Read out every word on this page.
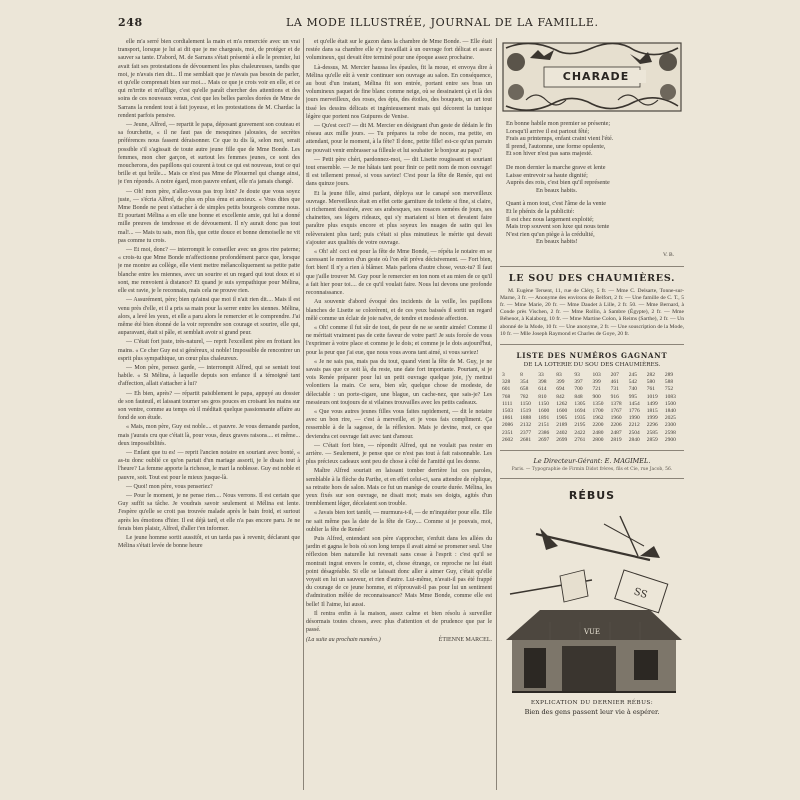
248	LA MODE ILLUSTRÉE, JOURNAL DE LA FAMILLE.

elle m'a serré bien cordialement la main et m'a remerciée avec un vrai transport, lorsque je lui ai dit que je me chargeais, moi, de protéger et de sauver sa tante. D'abord, M. de Sarrans s'était présenté à elle le premier, lui avait fait ses protestations de dévouement les plus chaleureuses, tandis que moi, je n'avais rien dit... Il me semblait que je n'avais pas besoin de parler, et qu'elle comprenait bien sur moi.... Mais ce que je crois voir en elle, et ce qui m'irrite et m'afflige, c'est qu'elle paraît chercher des attentions et des soins de ces nouveaux venus, c'est que les belles paroles dorées de Mme de Sarrans la rendent tout à fait joyeuse, et les protestations de M. Chardac la rendent parfois pensive.

— Jeune, Alfred, — repartit le papa, déposant gravement son couteau et sa fourchette, « il ne faut pas de mesquines jalousies, de secrètes préférences nous fassent déraisonner. Ce que tu dis là, selon moi, serait possible s'il s'agissait de toute autre jeune fille que de Mme Bonde. Les femmes, mon cher garçon, et surtout les femmes jeunes, ce sont des moucherons, des papillons qui courent à tout ce qui est nouveau, tout ce qui brille et qui brûle.... Mais ce n'est pas Mme de Plouernel qui change ainsi, je t'en réponds. A notre égard, mon pauvre enfant, elle n'a jamais changé.

— Oh! mon père, n'allez-vous pas trop loin? Je doute que vous soyez juste, — s'écria Alfred, de plus en plus ému et anxieux. « Vous dites que Mme Bonde ne peut s'attacher à de simples petits bourgeois comme nous. Et pourtant Mélina a en elle une bonne et excellente amie, qui lui a donné mille preuves de tendresse et de dévouement. Il n'y aurait donc pas tout mal!... — Mais tu sais, mon fils, que cette douce et bonne demoiselle ne vit pas comme tu crois.

— Et moi, donc? — interrompit le conseiller avec un gros rire paterne; « crois-tu que Mme Bonde m'affectionne profondément parce que, lorsque je me montre au collège, elle vient mettre mélancoliquement sa petite patte blanche entre les miennes, avec un sourire et un regard qui tout doux et si sont, me renvoient à distance? Et quand je suis sympathique pour Mélina, elle est ravie, je le reconnais, mais cela ne prouve rien.

— Assurément, père; bien qu'ainsi que moi il n'ait rien dit.... Mais il est venu près d'elle, et il a pris sa main pour la serrer entre les siennes. Mélina, alors, a levé les yeux, et elle a paru alors le remercier et le comprendre. J'ai même été bien étonné de la voir reprendre son courage et sourire, elle qui, auparavant, était si pâle, et semblait avoir si grand peur.

— C'était fort juste, très-naturel, — reprit l'excellent père en frottant les mains. « Ce cher Guy est si généreux, si noble! Impossible de rencontrer un esprit plus sympathique, un cœur plus chaleureux.

— Mon père, pensez garde, — interrompit Alfred, qui se sentait tout habile. « Si Mélina, à laquelle depuis son enfance il a témoigné tant d'affection, allait s'attacher à lui?

— Eh bien, après? — répartit paisiblement le papa, appuyé au dossier de son fauteuil, et laissant tourner ses gros pouces en croisant les mains sur son ventre, comme au temps où il méditait quelque passionnante affaire au fond de son étude.

« Mais, mon père, Guy est noble.... et pauvre. Je vous demande pardon, mais j'aurais cru que c'était là, pour vous, deux graves raisons.... et même... deux impossibilités.

— Enfant que tu es! — reprit l'ancien notaire en souriant avec bonté, « as-tu donc oublié ce qu'on partait d'un mariage assorti, je le disais tout à l'heure? La femme apporte la richesse, le mari la noblesse. Guy est noble et pauvre, soit. Tout est pour le mieux jusque-là.

— Quoi! mon père, vous penseriez?

— Pour le moment, je ne pense rien.... Nous verrons. Il est certain que Guy suffit sa tâche. Je voudrais savoir seulement si Mélina est lente. J'espère qu'elle se croit pas trouvée malade après le bain froid, et surtout après les émotions d'hier. Il est déjà tard, et elle n'a pas encore paru. Je ne ferais bien plaisir, Alfred, d'aller t'en informer.

Le jeune homme sortit aussitôt, et un tarda pas à revenir, déclarant que Mélina s'était levée de bonne heure

et qu'elle était sur le gazon dans la chambre de Mme Bonde. — Elle était restée dans sa chambre elle s'y travaillait à un ouvrage fort délicat et assez volumineux, qui devait être terminé pour une époque assez prochaine.

Là-dessus, M. Mercier haussa les épaules, fit la moue, et envoya dire à Mélina qu'elle eût à venir continuer son ouvrage au salon. En conséquence, au bout d'un instant, Mélina fit son entrée, portant entre ses bras un volumineux paquet de fine blanc comme neige, où se dessinaient çà et là des jours merveilleux, des roses, des épis, des étoiles, des bouquets, un art tout tissé les dessins délicats et ingénieusement mais qui décorent la tunique légère que portent nos Guipures de Venise.

— Qu'est ceci? — dit M. Mercier en désignant d'un geste de dédain le fin réseau aux mille jours. — Tu prépares ta robe de noces, ma petite, en attendant, pour le moment, à la fête? Il donc, petite fille! est-ce qu'un parrain ne pouvait venir embrasser sa filleule et lui souhaiter le bonjour au papa?

— Petit père chéri, pardonnez-moi, — dit Lisette rougissant et souriant tout ensemble. — Je me hâtais tant pour finir ce petit nom de mon ouvrage! Il est tellement pressé, si vous saviez! C'est pour la fête de Renée, qui est dans quinze jours.

Et la jeune fille, ainsi parlant, déploya sur le canapé son merveilleux ouvrage. Merveilleux était en effet cette garniture de toilette si fine, si claire, si richement dessinée, avec ses arabesques, ses rosaces semées de jours, ses chainettes, ses légers rideaux, qui s'y mariaient si bien et devaient faire paraître plus exquis encore et plus soyeux les nuages de satin qui les relèveraient plus tard; puis c'était si plus minutieux le mérite qui devait s'ajouter aux qualités de votre ouvrage.

« Oh! ah! ceci est pour la fête de Mme Bonde, — répéta le notaire en se caressant le menton d'un geste où l'on eût prévu décisivement. — Fort bien, fort bien! Il n'y a rien à blâmer. Mais parlons d'autre chose, veux-tu? Il faut que j'aille trouver M. Guy pour le remercier en ton nom et au mien de ce qu'il a fait hier pour toi.... de ce qu'il voulait faire. Nous lui devons une profonde reconnaissance.

Au souvenir d'abord évoqué des incidents de la veille, les papillons blanches de Lisette se colorèrent, et de ces yeux baissés il sortit un regard mêlé comme un éclair de joie naïve, de tendre et modeste affection.

« Oh! comme il fut sûr de tout, de peur de ne se sentir aimée! Comme il ne méritait vraiment pas de cette faveur de votre part! Je suis forcée de vous l'exprimer à votre place et comme je le dois; et comme je le dois aujourd'hui, pour la peur que j'ai eue, que nous vous avons tant aimé, si vous saviez!

« Je ne sais pas, mais pas du tout, quand vient la fête de M. Guy, je ne savais pas que ce soit là, du reste, une date fort importante. Pourtant, si je vois Renée préparer pour lui un petit ouvrage quelque joie, j'y mettrai volontiers la main. Ce sera, bien sûr, quelque chose de modeste, de délectable : un porte-cigare, une blague, un cache-nez, que sais-je? Les messieurs ont toujours de si vilaines trouvailles avec les petits cadeaux.

« Que vous autres jeunes filles vous faites rapidement, — dit le notaire avec un bon rire, — c'est à merveille, et je vous fais compliment. Ça ressemble à de la sagesse, de la réflexion. Mais je devine, moi, ce que deviendra cet ouvrage fait avec tant d'amour.

— C'était fort bien, — répondit Alfred, qui ne voulait pas rester en arrière. — Seulement, je pense que ce n'est pas tout à fait raisonnable. Les plus précieux cadeaux sont peu de chose à côté de l'amitié qui les donne.

Maître Alfred souriait en laissant tomber derrière lui ces paroles, semblable à la flèche du Parthe, et en effet celui-ci, sans attendre de réplique, sa retraite hors de salon. Mais ce fut un manège de courte durée. Mélina, les yeux fixés sur son ouvrage, ne disait mot; mais ses doigts, agités d'un tremblement léger, décelaient son trouble.

« Javais bien tort tantôt, — murmura-t-il, — de m'inquiéter pour elle. Elle ne sait même pas la date de la fête de Guy.... Comme si je pouvais, moi, oublier la fête de Renée!

Puis Alfred, entendant son père s'approcher, s'enfuit dans les allées du jardin et gagna le bois où son long temps il avait aimé se promener seul. Une réflexion bien naturelle lui revenait sans cesse à l'esprit : c'est qu'il se montrait ingrat envers le comte, et, chose étrange, ce reproche ne lui était point désagréable. Si elle se laissait donc aller à aimer Guy, c'était qu'elle voyait en lui un sauveur, et rien d'autre. Lui-même, n'avait-il pas été frappé du courage de ce jeune homme, et n'éprouvait-il pas pour lui un sentiment d'admiration mêlée de reconnaissance? Mais Mme Bonde, comme elle est belle! Il l'aime, lui aussi.

Il rentra enfin à la maison, assez calme et bien résolu à surveiller désormais toutes choses, avec plus d'attention et de prudence que par le passé.

(La suite au prochain numéro.)	ÉTIENNE MARCEL.
CHARADE
En bonne habile mon premier se présente;
Lorsqu'il arrive il est partout fêté;
Frais au printemps, enfant craint vient l'été.
Il prend, l'automne, une forme opulente,
Et son hiver n'est pas sans majesté.
De mon dernier la marche grave et lente
Laisse entrevoir sa haute dignité;
Auprès des rois, c'est bien qu'il représente
En beaux habits.
Quant à mon tout, c'est l'âme de la vente
Et le phénix de la publicité:
Il est chez nous largement exploité;
Mais trop souvent son luxe qui nous tente
N'est rien qu'un piège à la crédulité,
En beaux habits!
V. B.
LE SOU DES CHAUMIÈRES.

M. Eugène Tersent, 11, rue de Cléry, 5 fr. — Mme C. Delsarte, Tonne-sur-Marne, 3 fr. — Anonyme des environs de Belfort, 2 fr. — Une famille de C. T., 5 fr. — Mme Marie, 20 fr. — Mme Daudet à Lille, 2 fr. 50. — Mme Bernard, à Conde près Vischen, 2 fr. — Mme Rollin, à Sambre (Égypte), 2 fr. — Mme Béhenot, à Kalaborg, 10 fr. — Mme Martine Colon, à Reims (Sarthe), 2 fr. — Un abonné de la Mode, 10 fr. — Une anonyme, 2 fr. — Une souscription de la Mode, 10 fr. — Mlle Joseph Raymond et Charles de Goye, 20 fr.

LISTE DES NUMÉROS GAGNANT
DE LA LOTERIE DU SOU DES CHAUMIÈRES.
3	8	33	83	93	103	207	245	282	289
328	354	398	399	397	399	461	542	580	588
601	658	614	694	700	721	731	740	761	752
768	782	810	842	848	900	916	995	1019	1083
1111	1150	1150	1262	1305	1350	1378	1454	1499	1500
1503	1519	1600	1600	1694	1700	1767	1776	1815	1840
1861	1888	1891	1905	1935	1962	1960	1990	1999	2025
2086	2132	2151	2189	2195	2200	2206	2212	2296	2300
2351	2377	2386	2402	2422	2480	2487	2504	2585	2598
2602	2681	2697	2699	2761	2800	2819	2840	2859	2900
Le Directeur-Gérant: E. MAGIMEL.
Paris. — Typographie de Firmin Didot frères, fils et Cie, rue Jacob, 56.
RÉBUS
SS
VUE
EXPLICATION DU DERNIER RÉBUS:
Bien des gens passent leur vie à espérer.
